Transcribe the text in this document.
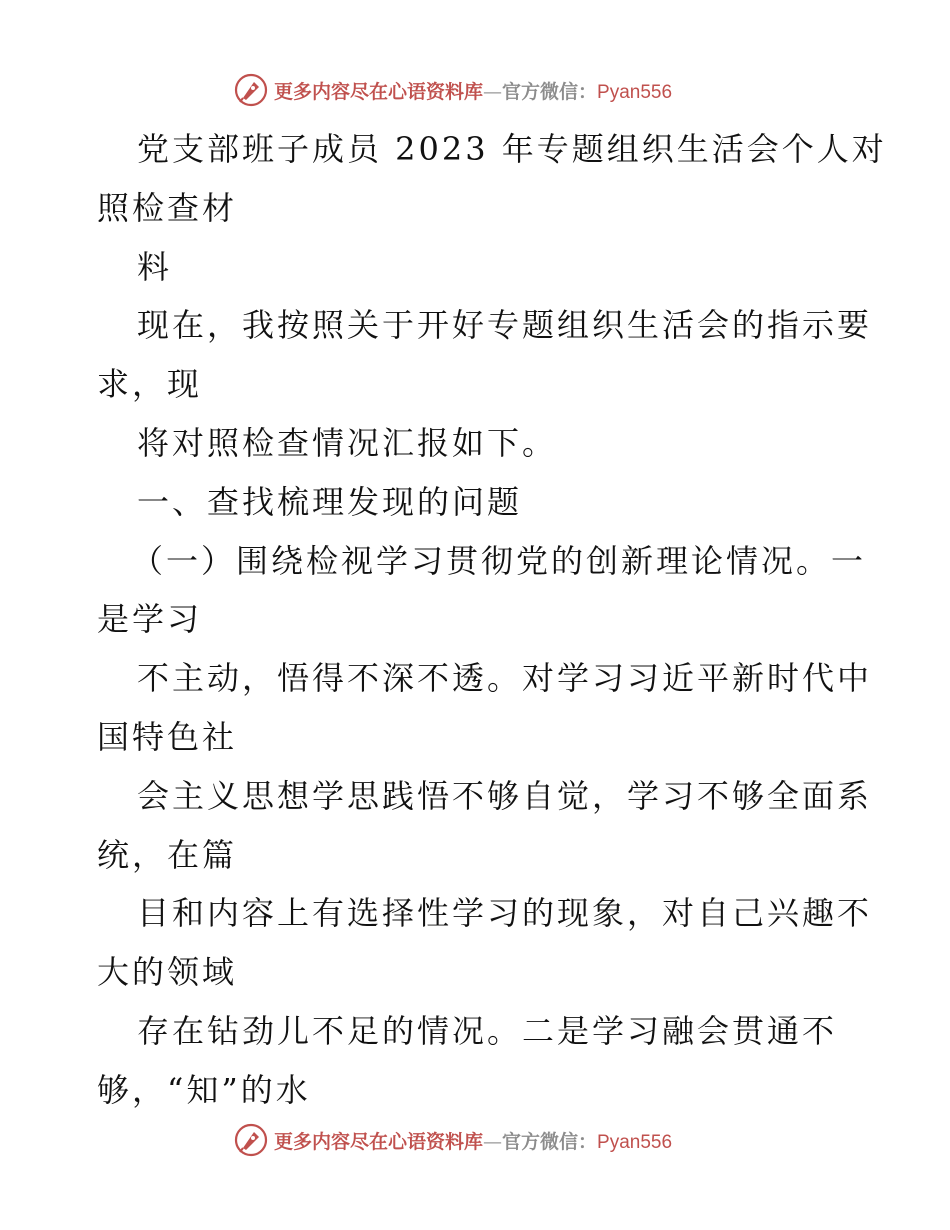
更多内容尽在心语资料库—官方微信：Pyan556
党支部班子成员 2023 年专题组织生活会个人对
照检查材
料
现在，我按照关于开好专题组织生活会的指示要
求，现
将对照检查情况汇报如下。
一、查找梳理发现的问题
（一）围绕检视学习贯彻党的创新理论情况。一
是学习
不主动，悟得不深不透。对学习习近平新时代中
国特色社
会主义思想学思践悟不够自觉，学习不够全面系
统，在篇
目和内容上有选择性学习的现象，对自己兴趣不
大的领域
存在钻劲儿不足的情况。二是学习融会贯通不
够，“知”的水
更多内容尽在心语资料库—官方微信：Pyan556
